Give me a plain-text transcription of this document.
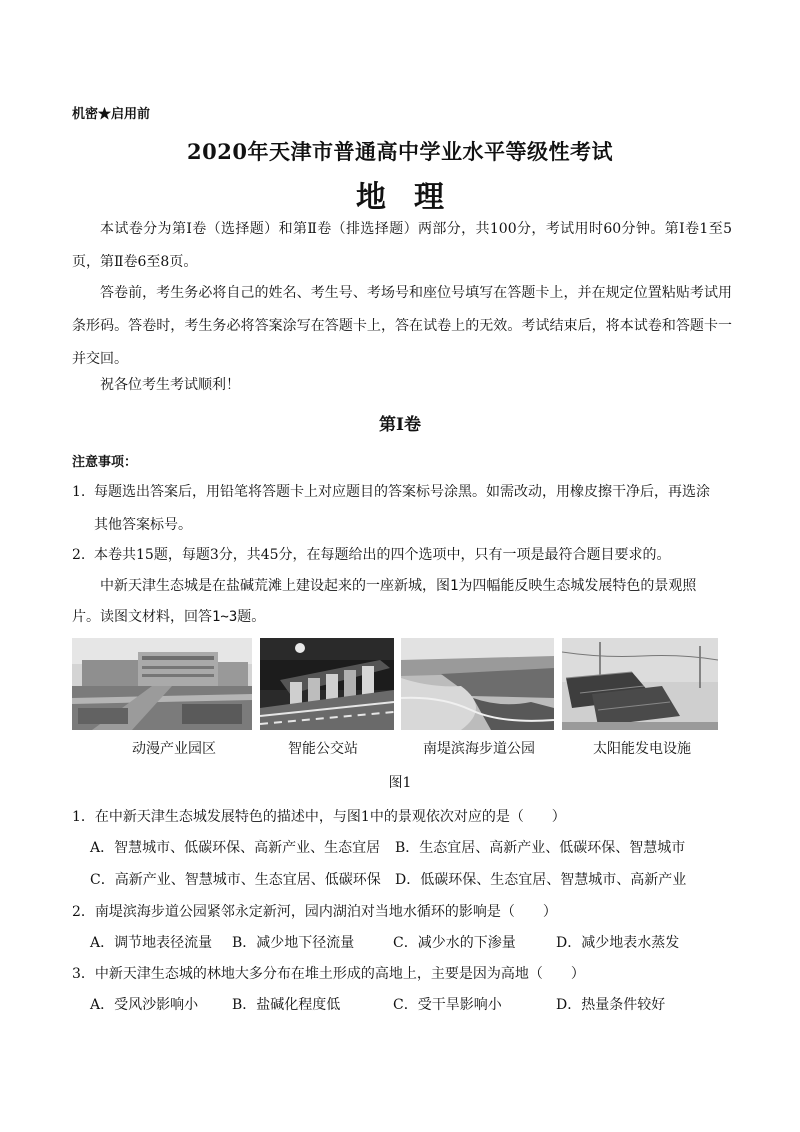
机密★启用前
2020年天津市普通高中学业水平等级性考试
地 理
本试卷分为第Ⅰ卷（选择题）和第Ⅱ卷（排选择题）两部分，共100分，考试用时60分钟。第Ⅰ卷1至5页，第Ⅱ卷6至8页。
答卷前，考生务必将自己的姓名、考生号、考场号和座位号填写在答题卡上，并在规定位置粘贴考试用条形码。答卷时，考生务必将答案涂写在答题卡上，答在试卷上的无效。考试结束后，将本试卷和答题卡一并交回。
祝各位考生考试顺利！
第Ⅰ卷
注意事项：
1. 每题选出答案后，用铅笔将答题卡上对应题目的答案标号涂黑。如需改动，用橡皮擦干净后，再选涂
其他答案标号。
2. 本卷共15题，每题3分，共45分，在每题给出的四个选项中，只有一项是最符合题目要求的。
中新天津生态城是在盐碱荒滩上建设起来的一座新城，图1为四幅能反映生态城发展特色的景观照
片。读图文材料，回答1~3题。
动漫产业园区	智能公交站	南堤滨海步道公园	太阳能发电设施
图1
1．在中新天津生态城发展特色的描述中，与图1中的景观依次对应的是（　　）
A．智慧城市、低碳环保、高新产业、生态宜居 B．生态宜居、高新产业、低碳环保、智慧城市
C．高新产业、智慧城市、生态宜居、低碳环保 D．低碳环保、生态宜居、智慧城市、高新产业
2．南堤滨海步道公园紧邻永定新河，园内湖泊对当地水循环的影响是（　　）
A．调节地表径流量 B．减少地下径流量	C．减少水的下渗量	D．减少地表水蒸发
3．中新天津生态城的林地大多分布在堆土形成的高地上，主要是因为高地（　　）
A．受风沙影响小 B．盐碱化程度低	C．受干旱影响小	D．热量条件较好
